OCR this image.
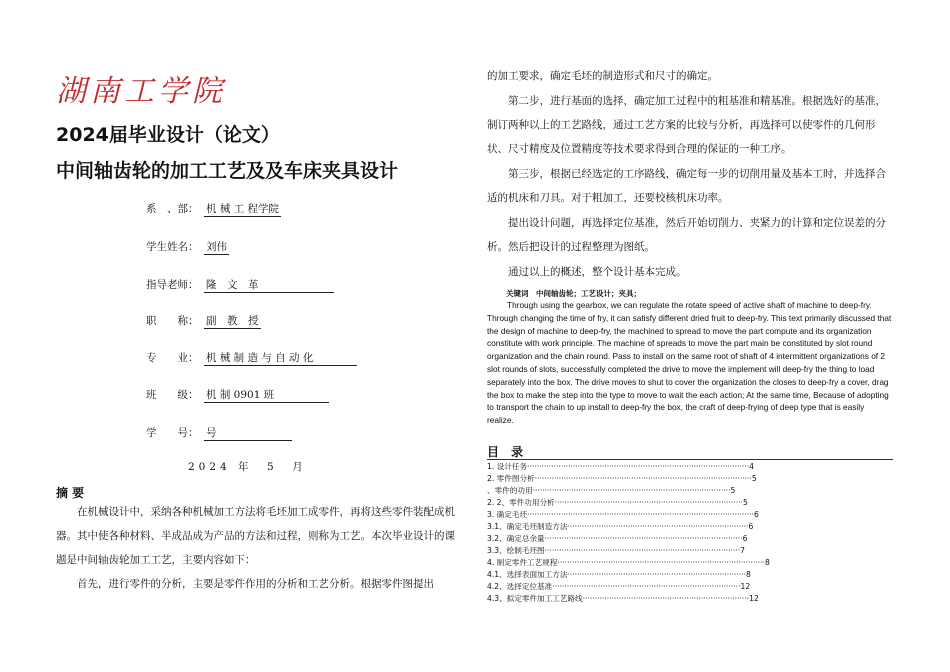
湖南工学院
2024届毕业设计（论文）
中间轴齿轮的加工工艺及及车床夹具设计
系　、部： 机 械 工 程学院
学生姓名： 刘伟
指导老师： 隆　文　革　　　　　　　
职　　称： 副　教　授
专　　业： 机 械 制 造 与 自 动 化　　　　
班　　级： 机 制 0901 班　　　　　
学　　号： 号　　　　　　　
2024 年　5　月
摘 要
在机械设计中，采纳各种机械加工方法将毛坯加工成零件，再将这些零件装配成机器。其中使各种材料、半成品成为产品的方法和过程，则称为工艺。本次毕业设计的课题是中间轴齿轮加工工艺，主要内容如下：
首先，进行零件的分析，主要是零件作用的分析和工艺分析。根据零件图提出
的加工要求，确定毛坯的制造形式和尺寸的确定。
第二步，进行基面的选择，确定加工过程中的粗基准和精基准。根据选好的基准，制订两种以上的工艺路线，通过工艺方案的比较与分析，再选择可以使零件的几何形状、尺寸精度及位置精度等技术要求得到合理的保证的一种工序。
第三步，根据已经选定的工序路线，确定每一步的切削用量及基本工时，并选择合适的机床和刀具。对于粗加工，还要校核机床功率。
提出设计问题，再选择定位基准，然后开始切削力、夹紧力的计算和定位误差的分析。然后把设计的过程整理为图纸。
通过以上的概述，整个设计基本完成。
关键词　中间轴齿轮；工艺设计；夹具；
Through using the gearbox, we can regulate the rotate speed of active shaft of machine to deep-fry. Through changing the time of fry, it can satisfy different dried fruit to deep-fry. This text primarily discussed that the design of machine to deep-fry, the machined to spread to move the part compute and its organization constitute with work principle. The machine of spreads to move the part main be constituted by slot round organization and the chain round. Pass to install on the same root of shaft of 4 intermittent organizations of 2 slot rounds of slots, successfully completed the drive to move the implement will deep-fry the thing to load separately into the box. The drive moves to shut to cover the organization the closes to deep-fry a cover, drag the box to make the step into the type to move to wait the each action; At the same time, Because of adopting to transport the chain to up install to deep-fry the box, the craft of deep-frying of deep type that is easily realize.
目 录
1. 设计任务····························································································4
2. 零件图分析··························································································5
、零件的功用··················································································5
2. 2、零件功用分析··············································································5
3. 确定毛坯······························································································6
3.1、确定毛坯制造方法···········································································6
3.2、确定总余量··················································································6
3.3、绘制毛坯图·················································································7
4. 制定零件工艺规程······················································································8
4.1、选择表面加工方法··········································································8
4.2、选择定位基准··············································································12
4.3、拟定零件加工工艺路线·····································································12
